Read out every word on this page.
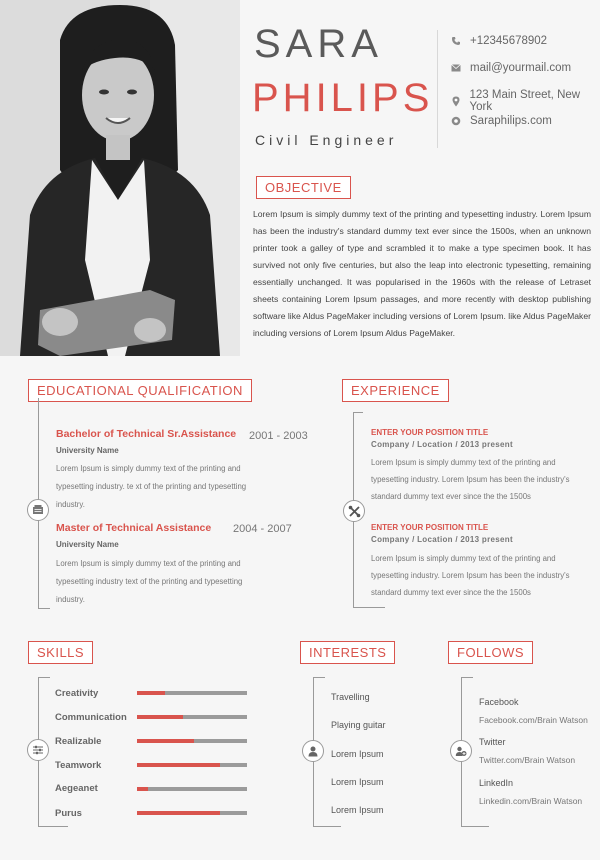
SARA
PHILIPS
Civil Engineer
+12345678902
mail@yourmail.com
123 Main Street, New York
Saraphilips.com
OBJECTIVE
Lorem Ipsum is simply dummy text of the printing and typesetting industry. Lorem Ipsum has been the industry's standard dummy text ever since the 1500s, when an unknown printer took a galley of type and scrambled it to make a type specimen book. It has survived not only five centuries, but also the leap into electronic typesetting, remaining essentially unchanged. It was popularised in the 1960s with the release of Letraset sheets containing Lorem Ipsum passages, and more recently with desktop publishing software like Aldus PageMaker including versions of Lorem Ipsum. like Aldus PageMaker including versions of Lorem Ipsum Aldus PageMaker.
EDUCATIONAL QUALIFICATION
Bachelor of Technical Sr.Assistance 2001 - 2003
University Name
Lorem Ipsum is simply dummy text of the printing and
typesetting industry. te xt of the printing and typesetting
industry.
Master of Technical Assistance 2004 - 2007
University Name
Lorem Ipsum is simply dummy text of the printing and
typesetting industry text of the printing and typesetting
industry.
EXPERIENCE
ENTER YOUR POSITION TITLE
Company / Location / 2013 present
Lorem Ipsum is simply dummy text of the printing and
typesetting industry. Lorem Ipsum has been the industry's
standard dummy text ever since the the 1500s
ENTER YOUR POSITION TITLE
Company / Location / 2013 present
Lorem Ipsum is simply dummy text of the printing and
typesetting industry. Lorem Ipsum has been the industry's
standard dummy text ever since the the 1500s
SKILLS
Creativity
Communication
Realizable
Teamwork
Aegeanet
Purus
INTERESTS
Travelling
Playing guitar
Lorem Ipsum
Lorem Ipsum
Lorem Ipsum
FOLLOWS
Facebook
Facebook.com/Brain Watson
Twitter
Twitter.com/Brain Watson
LinkedIn
Linkedin.com/Brain Watson
